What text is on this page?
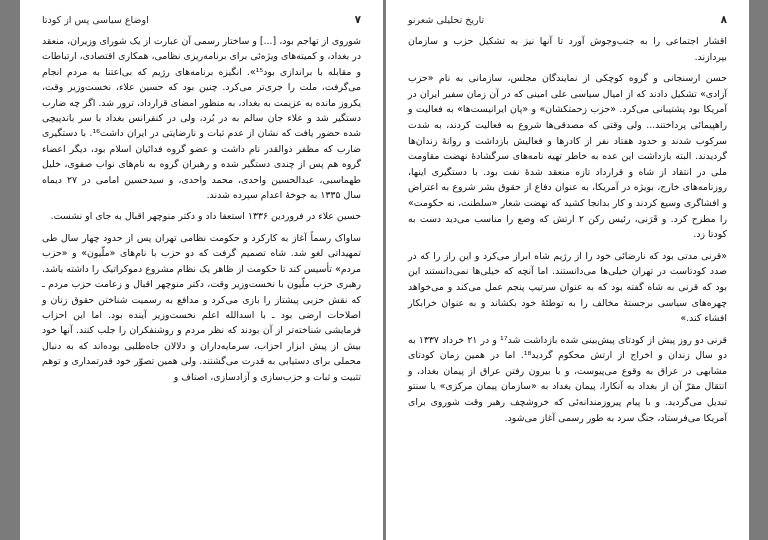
۷
اوضاع سیاسی پس از کودتا

شوروی از تهاجم بود، [...] و ساختار رسمی آن عبارت از یک شورای وزیران، منعقد در بغداد، و کمیته‌های ویژه‌ئی برای برنامه‌ریزی نظامی، همکاری اقتصادی، ارتباطات و مقابله با براندازی بود¹⁵». انگیزه برنامه‌های رژیم که بی‌اعتنا به مردم انجام می‌گرفت، ملت را جری‌تر می‌کرد. چنین بود که حسین علاء، نخست‌وزیر وقت، یکروز مانده به عزیمت به بغداد، به منظور امضای قرارداد، ترور شد. اگر چه ضارب دستگیر شد و علاء جان سالم به در بُرد، ولی در کنفرانس بغداد با سر باندپیچی شده حضور یافت که نشان از عدم ثبات و نارضایتی در ایران داشت¹⁶. با دستگیری ضارب که مظفر ذوالقدر نام داشت و عضو گروه فدائیان اسلام بود، دیگر اعضاء گروه هم پس از چندی دستگیر شده و رهبران گروه به نام‌های نواب صفوی، خلیل طهماسبی، عبدالحسین واحدی، محمد واحدی، و سیدحسین امامی در ۲۷ دیماه سال ۱۳۳۵ به جوخهٔ اعدام سپرده شدند.

حسین علاء در فروردین ۱۳۳۶ استعفا داد و دکتر منوچهر اقبال به جای او نشست.

ساواک رسماً آغاز به کارکرد و حکومت نظامی تهران پس از حدود چهار سال طی تمهیداتی لغو شد. شاه تصمیم گرفت که دو حزب با نام‌های «ملّیون» و «حزب مردم» تأسیس کند تا حکومت از ظاهر یک نظام مشروع دموکراتیک را داشته باشد. رهبری حزب ملّیون با نخست‌وزیر وقت، دکتر منوچهر اقبال و زعامت حزب مردم ـ که نقش حزبی پیشتاز را بازی می‌کرد و مدافع به رسمیت شناختن حقوق زنان و اصلاحات ارضی بود ـ با اسدالله اعلم نخست‌وزیر آینده بود. اما این احزاب فرمایشی شناخته‌تر از آن بودند که نظر مردم و روشنفکران را جلب کنند. آنها خود بیش از پیش ابزار احزاب، سرمایه‌داران و دلالان جاه‌طلبی بوده‌اند که به دنبال محملی برای دستیابی به قدرت می‌گشتند. ولی همین تصوّر خود قدرتمداری و توهم تثبیت و ثبات و حزب‌سازی و آزادسازی، اصناف و

۸
تاریخ تحلیلی شعرنو

اقشار اجتماعی را به جنب‌وجوش آورد تا آنها نیز به تشکیل حزب و سازمان بپردازند.

حسن ارسنجانی و گروه کوچکی از نمایندگان مجلس، سازمانی به نام «حزب آزادی» تشکیل دادند که از امیال سیاسی علی امینی که در آن زمان سفیر ایران در آمریکا بود پشتیبانی می‌کرد. «حزب زحمتکشان» و «پان ایرانیست‌ها» به فعالیت و راهپیمائی پرداختند... ولی وقتی که مصدقی‌ها شروع به فعالیت کردند، به شدت سرکوب شدند و حدود هفتاد نفر از کادرها و فعالیش بازداشت و روانهٔ زندان‌ها گردیدند. البته بازداشت این عده به خاطر تهیه نامه‌های سرگشادهٔ نهضت مقاومت ملی در انتقاد از شاه و قرارداد تازه منعقد شدهٔ نفت بود. با دستگیری اینها، روزنامه‌های خارج، بویژه در آمریکا، به عنوان دفاع از حقوق بشر شروع به اعتراض و افشاگری وسیع کردند و کار بدانجا کشید که نهضت شعار «سلطنت، نه حکومت» را مطرح کرد. و قَرَنی، رئیس رکن ۲ ارتش که وضع را مناسب می‌دید دست به کودتا زد.

«قرنی مدتی بود که نارضائی خود را از رژیم شاه ابراز می‌کرد و این راز را که در صدد کودتاست در تهران خیلی‌ها می‌دانستند. اما آنچه که خیلی‌ها نمی‌دانستند این بود که قرنی به شاه گفته بود که به عنوان سرتیپ پنجم عمل می‌کند و می‌خواهد چهره‌های سیاسی برجستهٔ مخالف را به توطئهٔ خود بکشاند و به عنوان خرابکار افشاء کند.»

قرنی دو روز پیش از کودتای پیش‌بینی شده بازداشت شد¹⁷ و در ۲۱ خرداد ۱۳۳۷ به دو سال زندان و اخراج از ارتش محکوم گردید¹⁸. اما در همین زمان کودتای مشابهی در عراق به وقوع می‌پیوست، و با بیرون رفتن عراق از پیمان بغداد، و انتقال مقرّ آن از بغداد به آنکارا، پیمان بغداد به «سازمان پیمان مرکزی» یا سنتو تبدیل می‌گردید. و با پیام پیروزمندانه‌ئی که خروشچف رهبر وقت شوروی برای آمریکا می‌فرستاد، جنگ سرد به طور رسمی آغاز می‌شود.
